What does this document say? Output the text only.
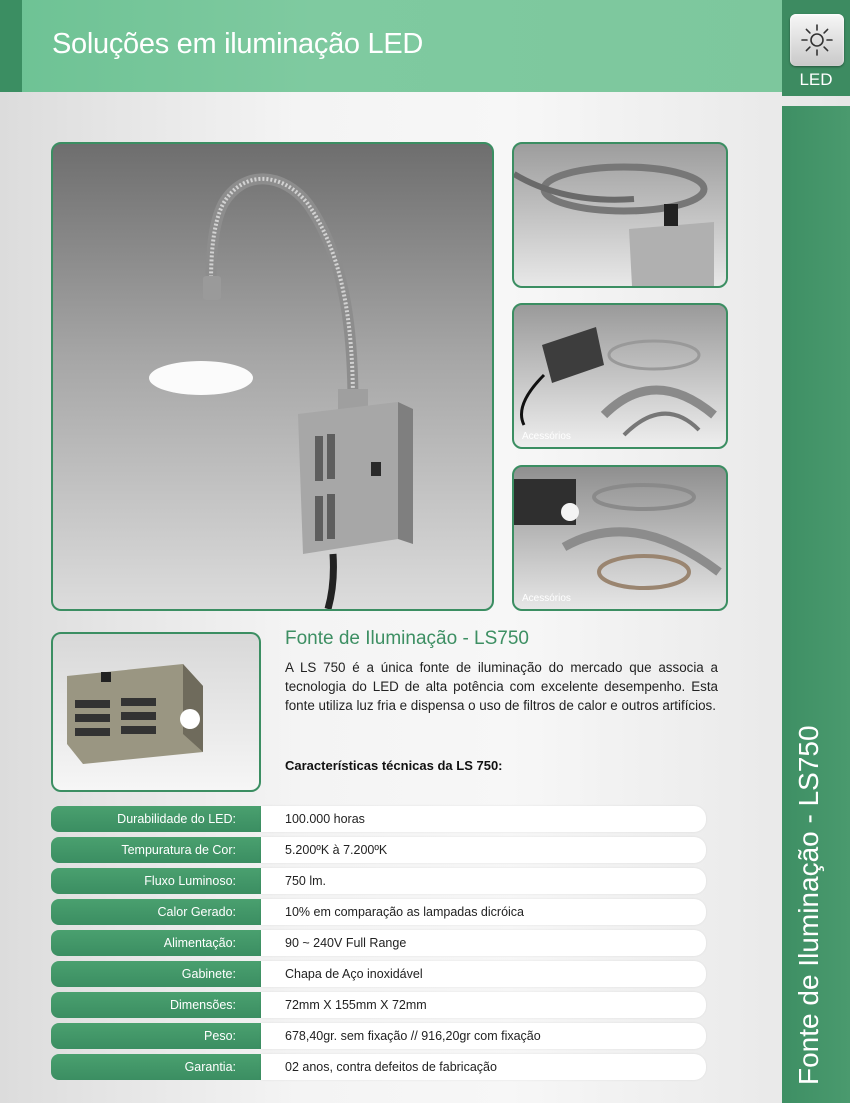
Soluções em iluminação LED
LED
Fonte de Iluminação - LS750
Acessórios
Acessórios
Fonte de Iluminação - LS750
A LS 750 é a única fonte de iluminação do mercado que associa a tecnologia do LED de alta potência com excelente desempenho. Esta fonte utiliza luz fria e dispensa o uso de filtros de calor e outros artifícios.
Características técnicas da LS 750:
Durabilidade do LED:	100.000 horas
Tempuratura de Cor:	5.200ºK à 7.200ºK
Fluxo Luminoso:	750 lm.
Calor Gerado:	10% em comparação as lampadas dicróica
Alimentação:	90 ~ 240V Full Range
Gabinete:	Chapa de Aço inoxidável
Dimensões:	72mm X 155mm X 72mm
Peso:	678,40gr. sem fixação // 916,20gr com fixação
Garantia:	02 anos, contra defeitos de fabricação
